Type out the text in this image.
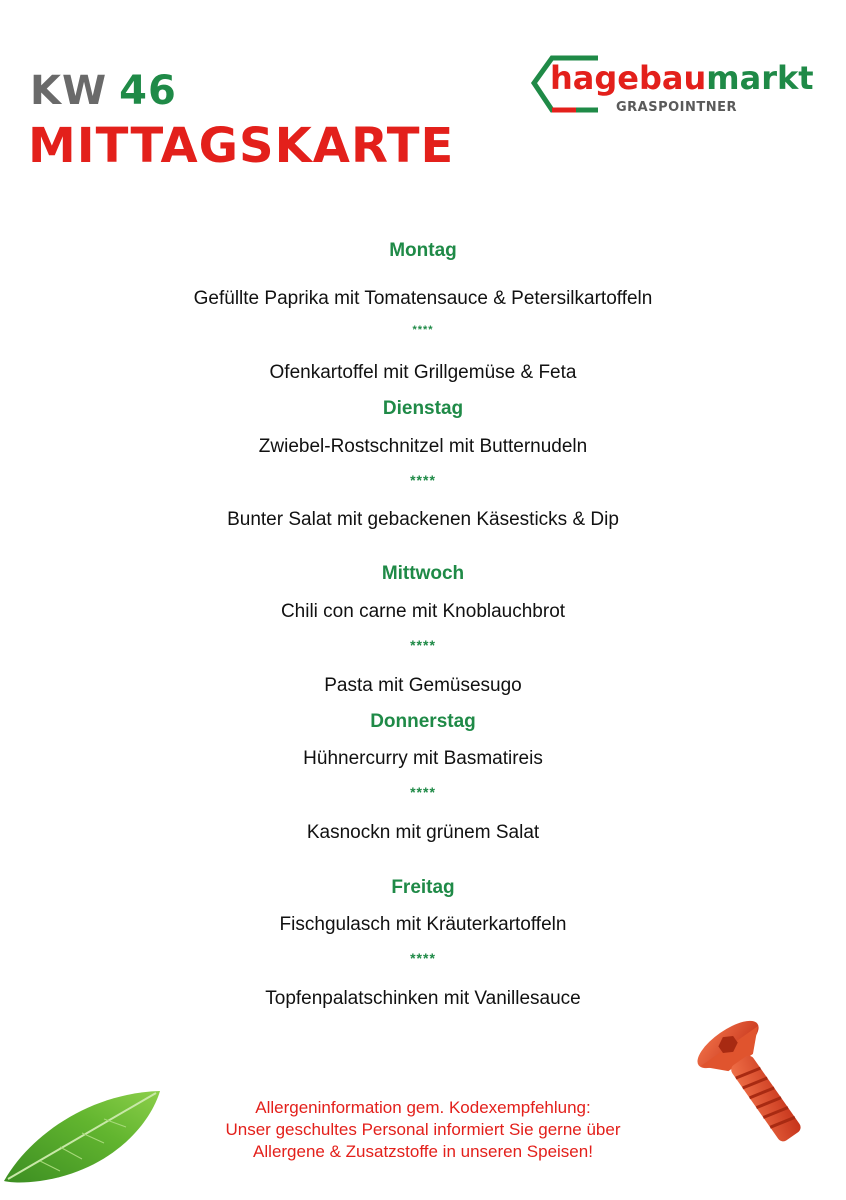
KW 46
MITTAGSKARTE
hagebaumarkt
GRASPOINTNER
Montag
Gefüllte Paprika mit Tomatensauce & Petersilkartoffeln
****
Ofenkartoffel mit Grillgemüse & Feta
Dienstag
Zwiebel-Rostschnitzel mit Butternudeln
****
Bunter Salat mit gebackenen Käsesticks & Dip
Mittwoch
Chili con carne mit Knoblauchbrot
****
Pasta mit Gemüsesugo
Donnerstag
Hühnercurry mit Basmatireis
****
Kasnockn mit grünem Salat
Freitag
Fischgulasch mit Kräuterkartoffeln
****
Topfenpalatschinken mit Vanillesauce
Allergeninformation gem. Kodexempfehlung:
Unser geschultes Personal informiert Sie gerne über
Allergene & Zusatzstoffe in unseren Speisen!
